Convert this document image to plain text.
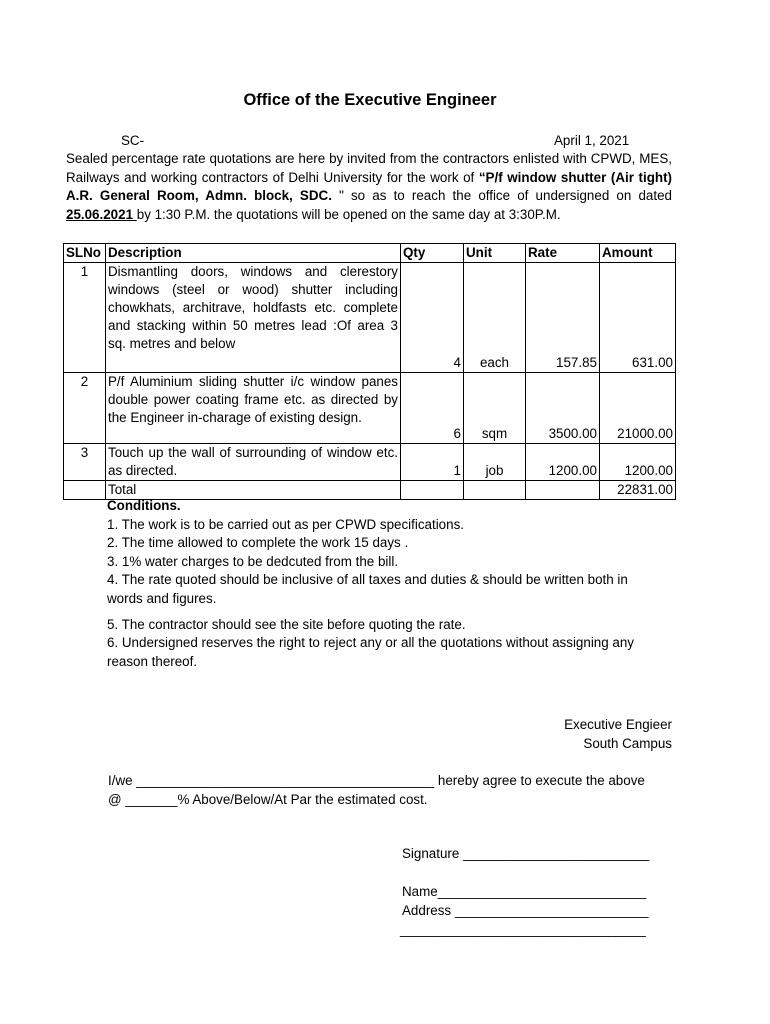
Office of the Executive Engineer
SC-	April 1, 2021
Sealed percentage rate quotations are here by invited from the contractors enlisted with CPWD, MES, Railways and working contractors of Delhi University for the work of “P/f window shutter (Air tight) A.R. General Room, Admn. block, SDC. " so as to reach the office of undersigned on dated 25.06.2021 by 1:30 P.M. the quotations will be opened on the same day at 3:30P.M.
SLNo	Description	Qty	Unit	Rate	Amount
1	Dismantling doors, windows and clerestory windows (steel or wood) shutter including chowkhats, architrave, holdfasts etc. complete and stacking within 50 metres lead :Of area 3 sq. metres and below	4	each	157.85	631.00
2	P/f Aluminium sliding shutter i/c window panes double power coating frame etc. as directed by the Engineer in-charage of existing design.	6	sqm	3500.00	21000.00
3	Touch up the wall of surrounding of window etc. as directed.	1	job	1200.00	1200.00
	Total				22831.00
Conditions.
1. The work is to be carried out as per CPWD specifications.
2. The time allowed to complete the work 15 days .
3. 1% water charges to be dedcuted from the bill.
4. The rate quoted should be inclusive of all taxes and duties & should be written both in words and figures.
5. The contractor should see the site before quoting the rate.
6. Undersigned reserves the right to reject any or all the quotations without assigning any reason thereof.
Executive Engieer
South Campus
I/we ________________________________________ hereby agree to execute the above
@ _______% Above/Below/At Par the estimated cost.
Signature _________________________
Name____________________________
Address __________________________
_________________________________
